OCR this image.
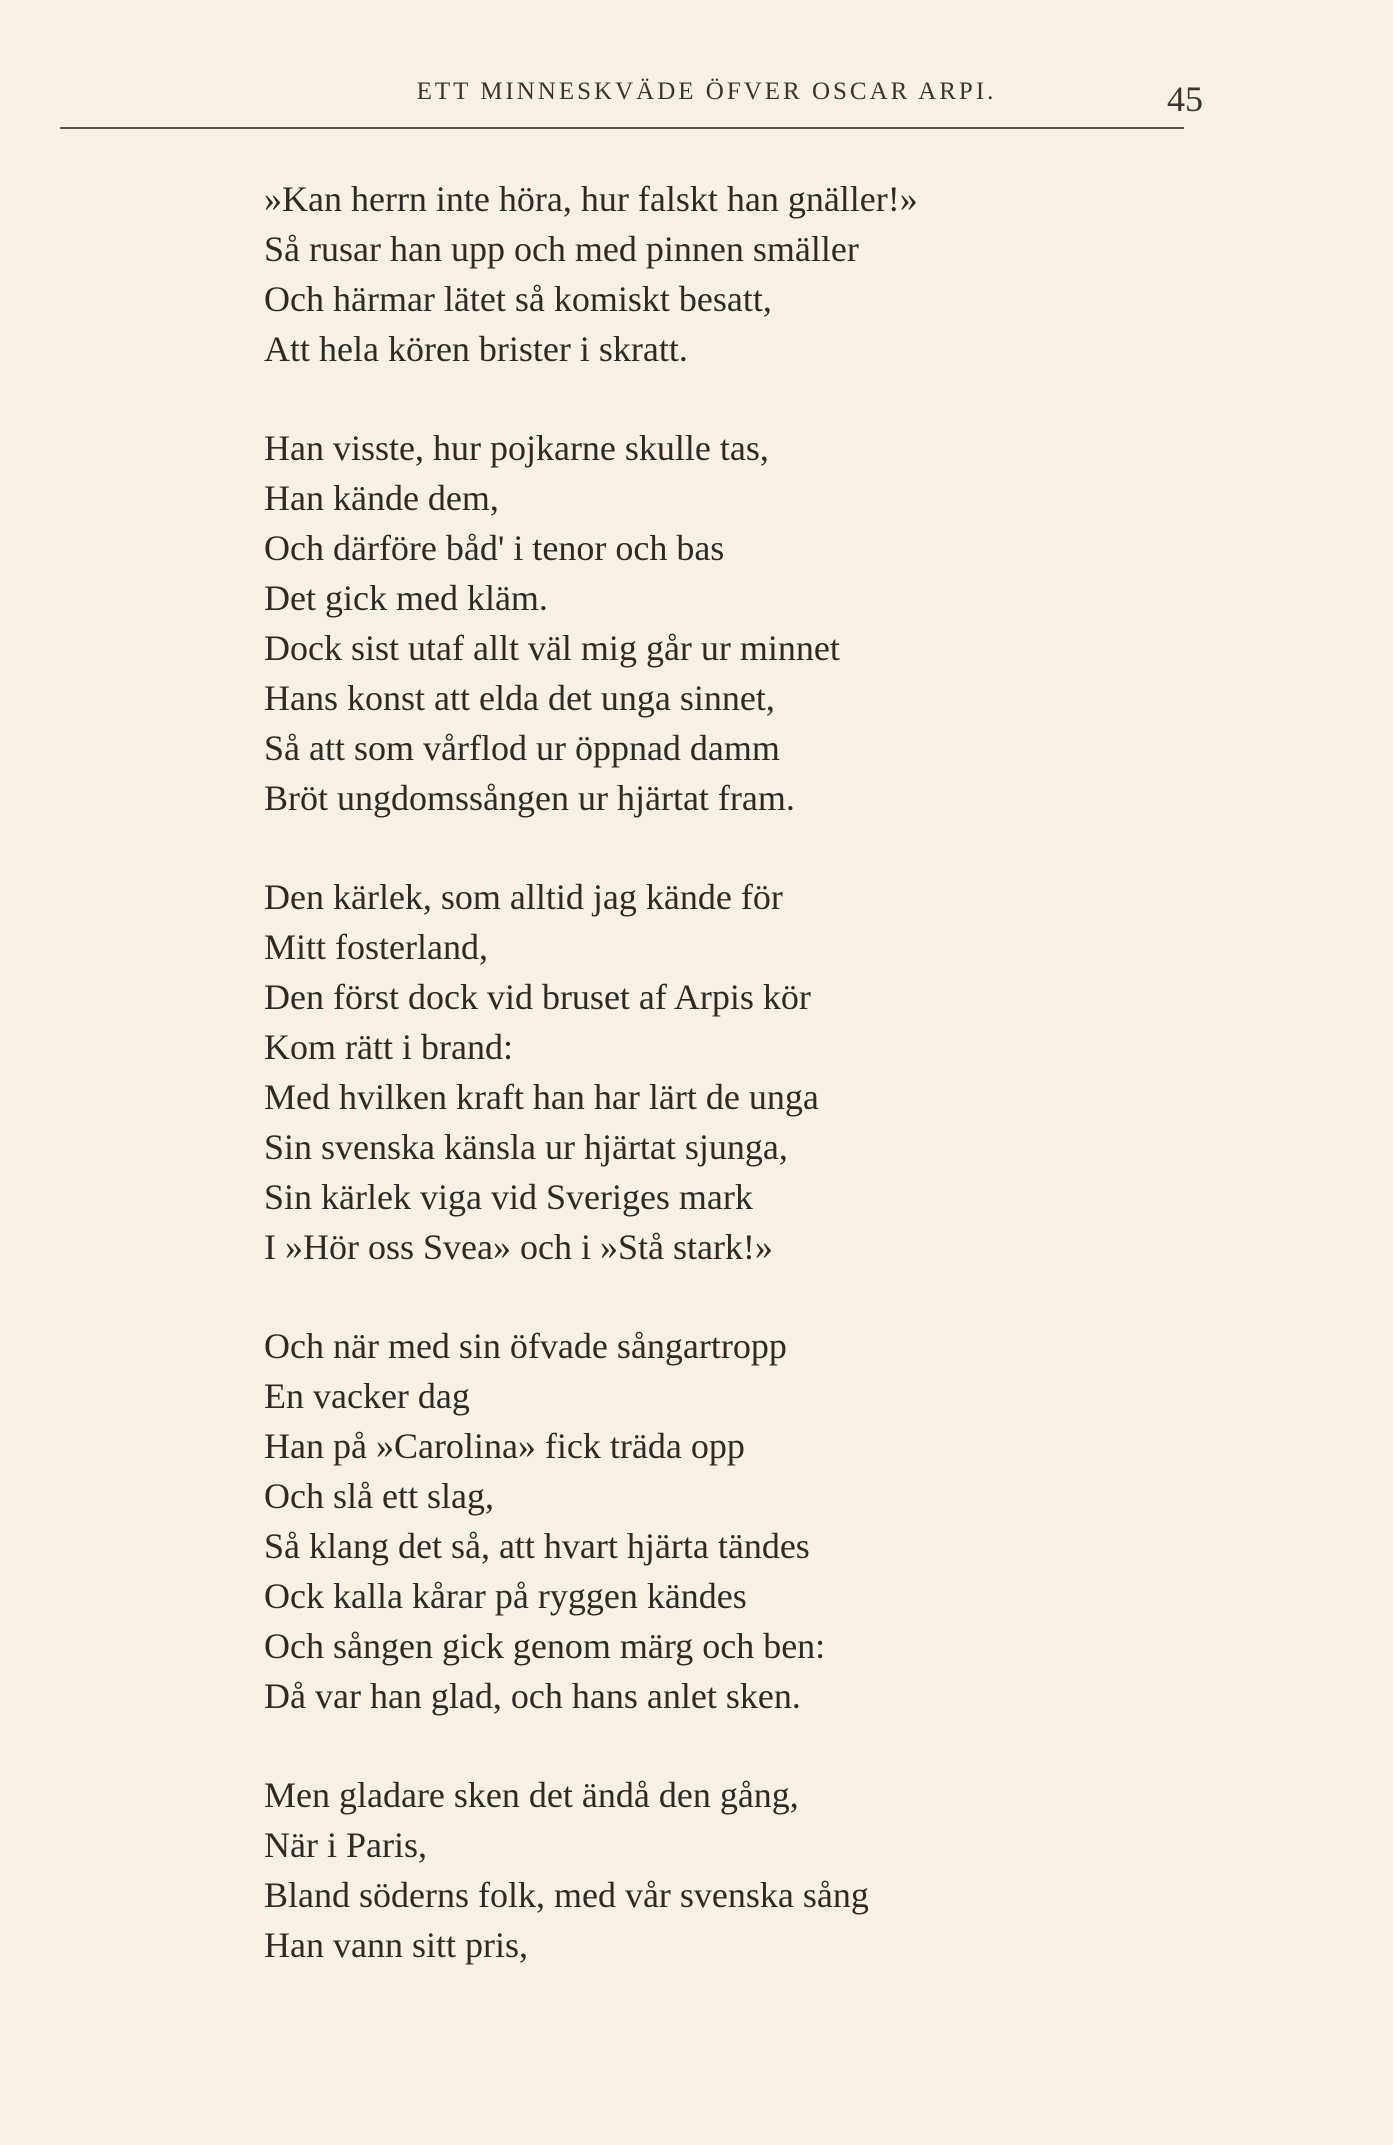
ETT MINNESKVÄDE ÖFVER OSCAR ARPI.	45
»Kan herrn inte höra, hur falskt han gnäller!»
Så rusar han upp och med pinnen smäller
Och härmar lätet så komiskt besatt,
Att hela kören brister i skratt.
Han visste, hur pojkarne skulle tas,
Han kände dem,
Och därföre båd' i tenor och bas
Det gick med kläm.
Dock sist utaf allt väl mig går ur minnet
Hans konst att elda det unga sinnet,
Så att som vårflod ur öppnad damm
Bröt ungdomssången ur hjärtat fram.
Den kärlek, som alltid jag kände för
Mitt fosterland,
Den först dock vid bruset af Arpis kör
Kom rätt i brand:
Med hvilken kraft han har lärt de unga
Sin svenska känsla ur hjärtat sjunga,
Sin kärlek viga vid Sveriges mark
I »Hör oss Svea» och i »Stå stark!»
Och när med sin öfvade sångartropp
En vacker dag
Han på »Carolina» fick träda opp
Och slå ett slag,
Så klang det så, att hvart hjärta tändes
Ock kalla kårar på ryggen kändes
Och sången gick genom märg och ben:
Då var han glad, och hans anlet sken.
Men gladare sken det ändå den gång,
När i Paris,
Bland söderns folk, med vår svenska sång
Han vann sitt pris,
